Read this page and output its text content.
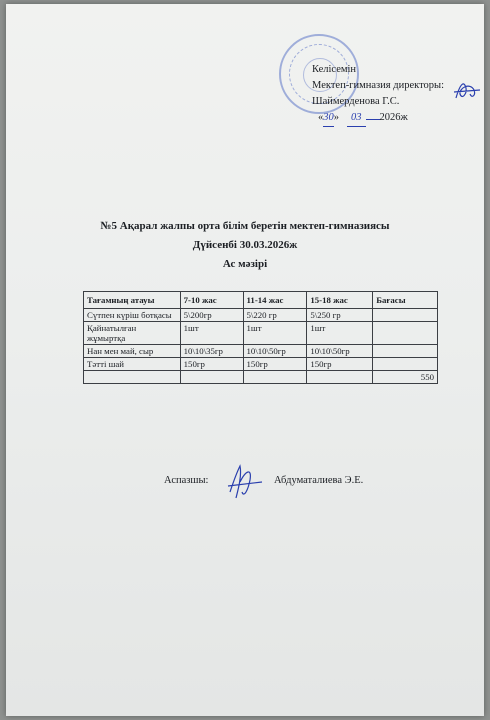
Келісемін
Мектеп-гимназия директоры:
Шаймерденова Г.С.
«30» 03 2026ж
№5 Ақарал жалпы орта білім беретін мектеп-гимназиясы
Дүйсенбі 30.03.2026ж
Ас мәзірі
Тағамның атауы	7-10 жас	11-14 жас	15-18 жас	Бағасы
Сүтпен күріш ботқасы	5\200гр	5\220 гр	5\250 гр	
Қайнатылған жұмыртқа	1шт	1шт	1шт	
Нан мен май, сыр	10\10\35гр	10\10\50гр	10\10\50гр	
Тәтті шай	150гр	150гр	150гр	
				550
Аспазшы:	Абдуматалиева Э.Е.
